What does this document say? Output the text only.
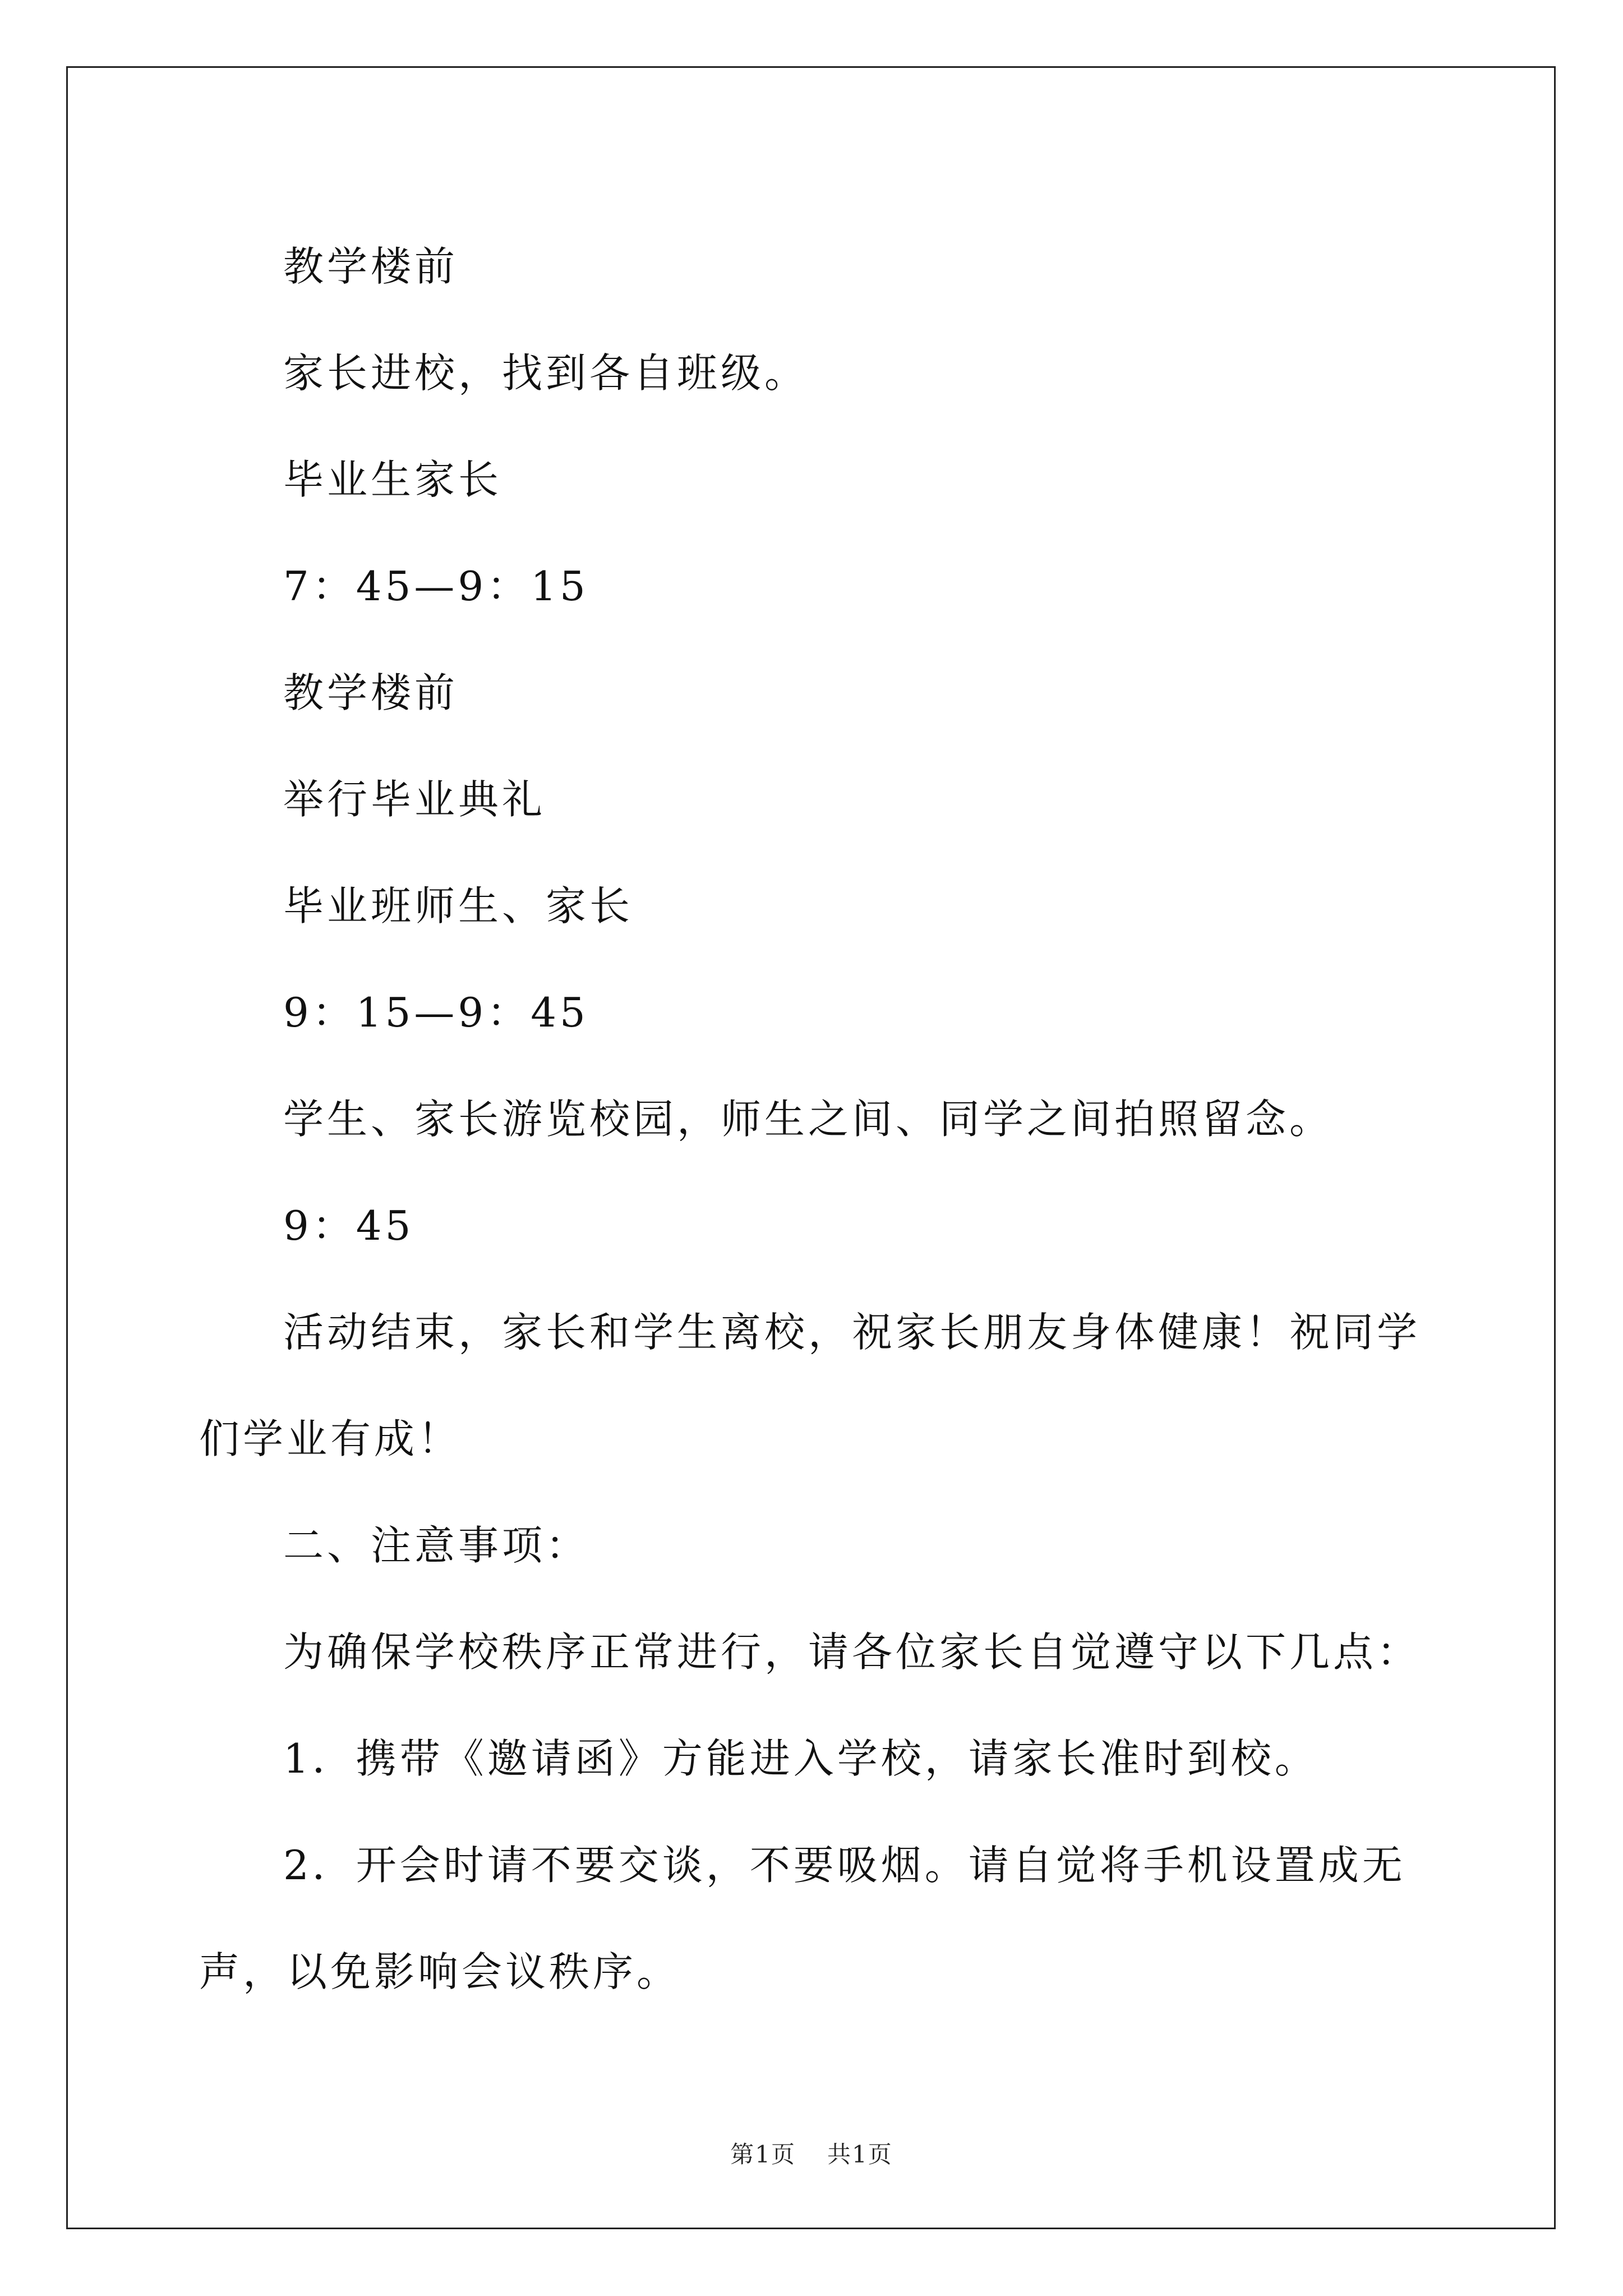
教学楼前

家长进校，找到各自班级。

毕业生家长

7：45—9：15

教学楼前

举行毕业典礼

毕业班师生、家长

9：15—9：45

学生、家长游览校园，师生之间、同学之间拍照留念。

9：45

活动结束，家长和学生离校，祝家长朋友身体健康！祝同学们学业有成！

二、注意事项：

为确保学校秩序正常进行，请各位家长自觉遵守以下几点：

1．携带《邀请函》方能进入学校，请家长准时到校。

2．开会时请不要交谈，不要吸烟。请自觉将手机设置成无声，以免影响会议秩序。

第1页 共1页
